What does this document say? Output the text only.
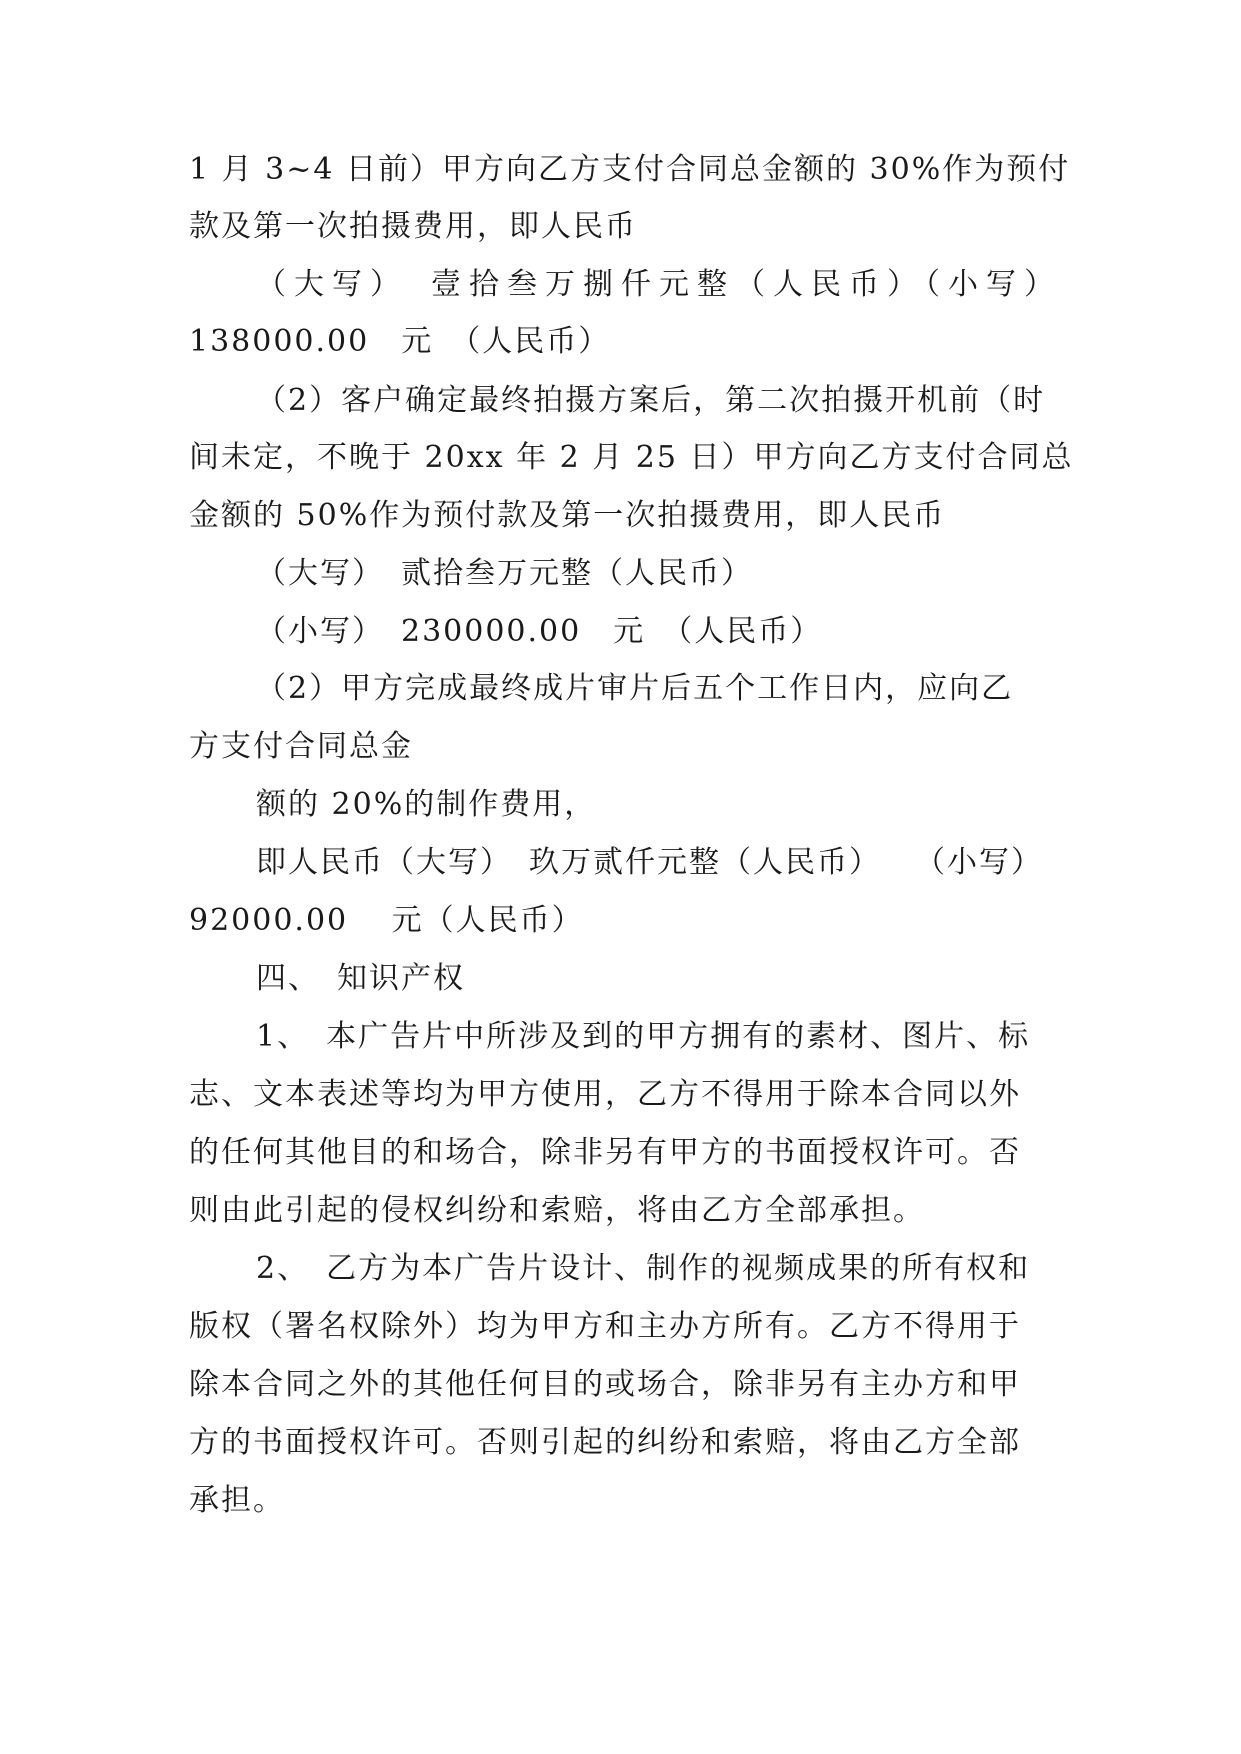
1 月 3~4 日前）甲方向乙方支付合同总金额的 30%作为预付
款及第一次拍摄费用，即人民币
（大写）　壹拾叁万捌仟元整（人民币）（小写）
138000.00　元　（人民币）
（2）客户确定最终拍摄方案后，第二次拍摄开机前（时
间未定，不晚于 20xx 年 2 月 25 日）甲方向乙方支付合同总
金额的 50%作为预付款及第一次拍摄费用，即人民币
（大写）　贰拾叁万元整（人民币）
（小写）　230000.00　元　（人民币）
（2）甲方完成最终成片审片后五个工作日内，应向乙
方支付合同总金
额的 20%的制作费用，
即人民币（大写）　玖万贰仟元整（人民币）　　（小写）
92000.00　 元（人民币）
四、　知识产权
1、　本广告片中所涉及到的甲方拥有的素材、图片、标
志、文本表述等均为甲方使用，乙方不得用于除本合同以外
的任何其他目的和场合，除非另有甲方的书面授权许可。否
则由此引起的侵权纠纷和索赔，将由乙方全部承担。
2、　乙方为本广告片设计、制作的视频成果的所有权和
版权（署名权除外）均为甲方和主办方所有。乙方不得用于
除本合同之外的其他任何目的或场合，除非另有主办方和甲
方的书面授权许可。否则引起的纠纷和索赔，将由乙方全部
承担。
